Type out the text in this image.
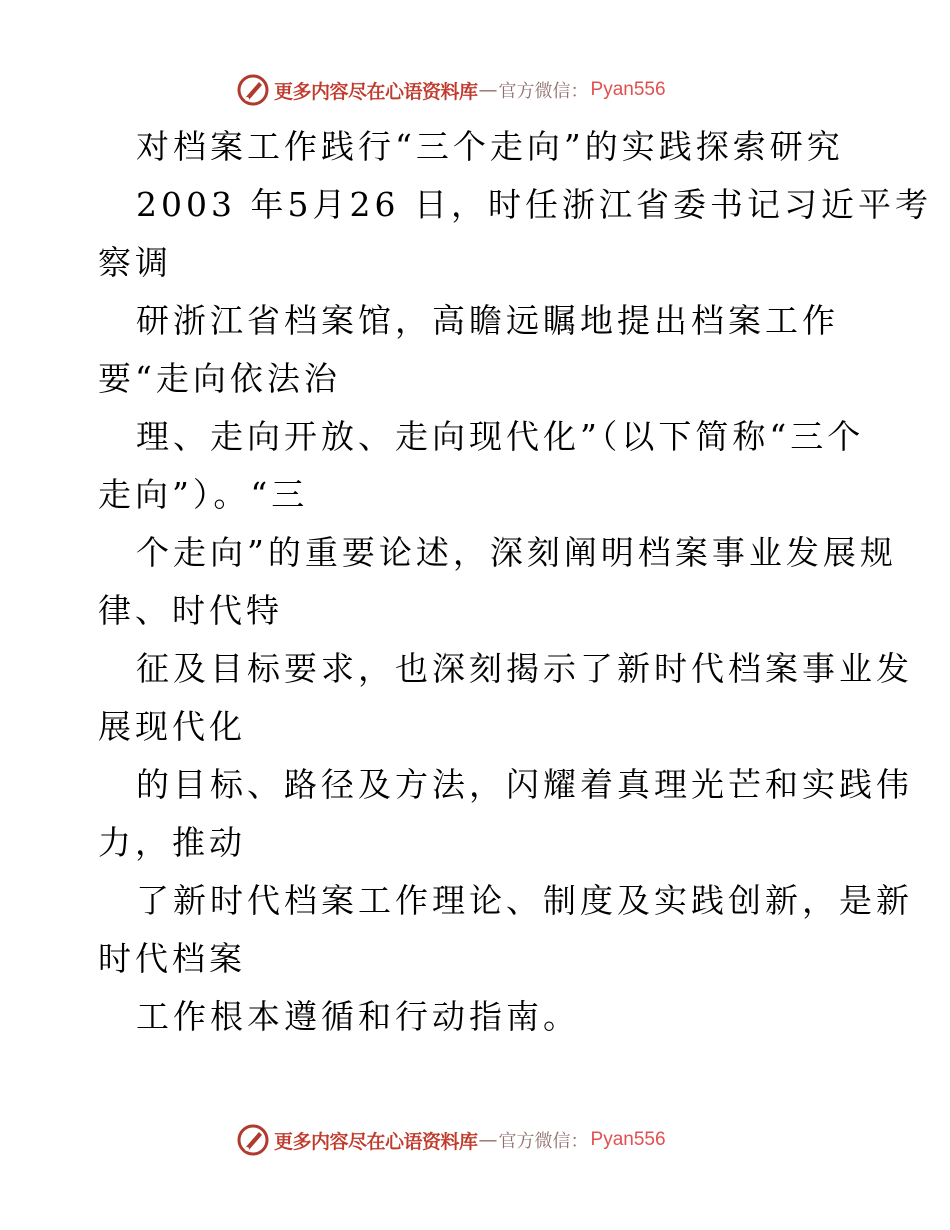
更多内容尽在心语资料库 — 官方微信： Pyan556
对档案工作践行“三个走向”的实践探索研究
2003 年5月26 日，时任浙江省委书记习近平考
察调
研浙江省档案馆，高瞻远瞩地提出档案工作
要“走向依法治
理、走向开放、走向现代化”（以下简称“三个
走向”）。“三
个走向”的重要论述，深刻阐明档案事业发展规
律、时代特
征及目标要求，也深刻揭示了新时代档案事业发
展现代化
的目标、路径及方法，闪耀着真理光芒和实践伟
力，推动
了新时代档案工作理论、制度及实践创新，是新
时代档案
工作根本遵循和行动指南。
更多内容尽在心语资料库 — 官方微信： Pyan556
